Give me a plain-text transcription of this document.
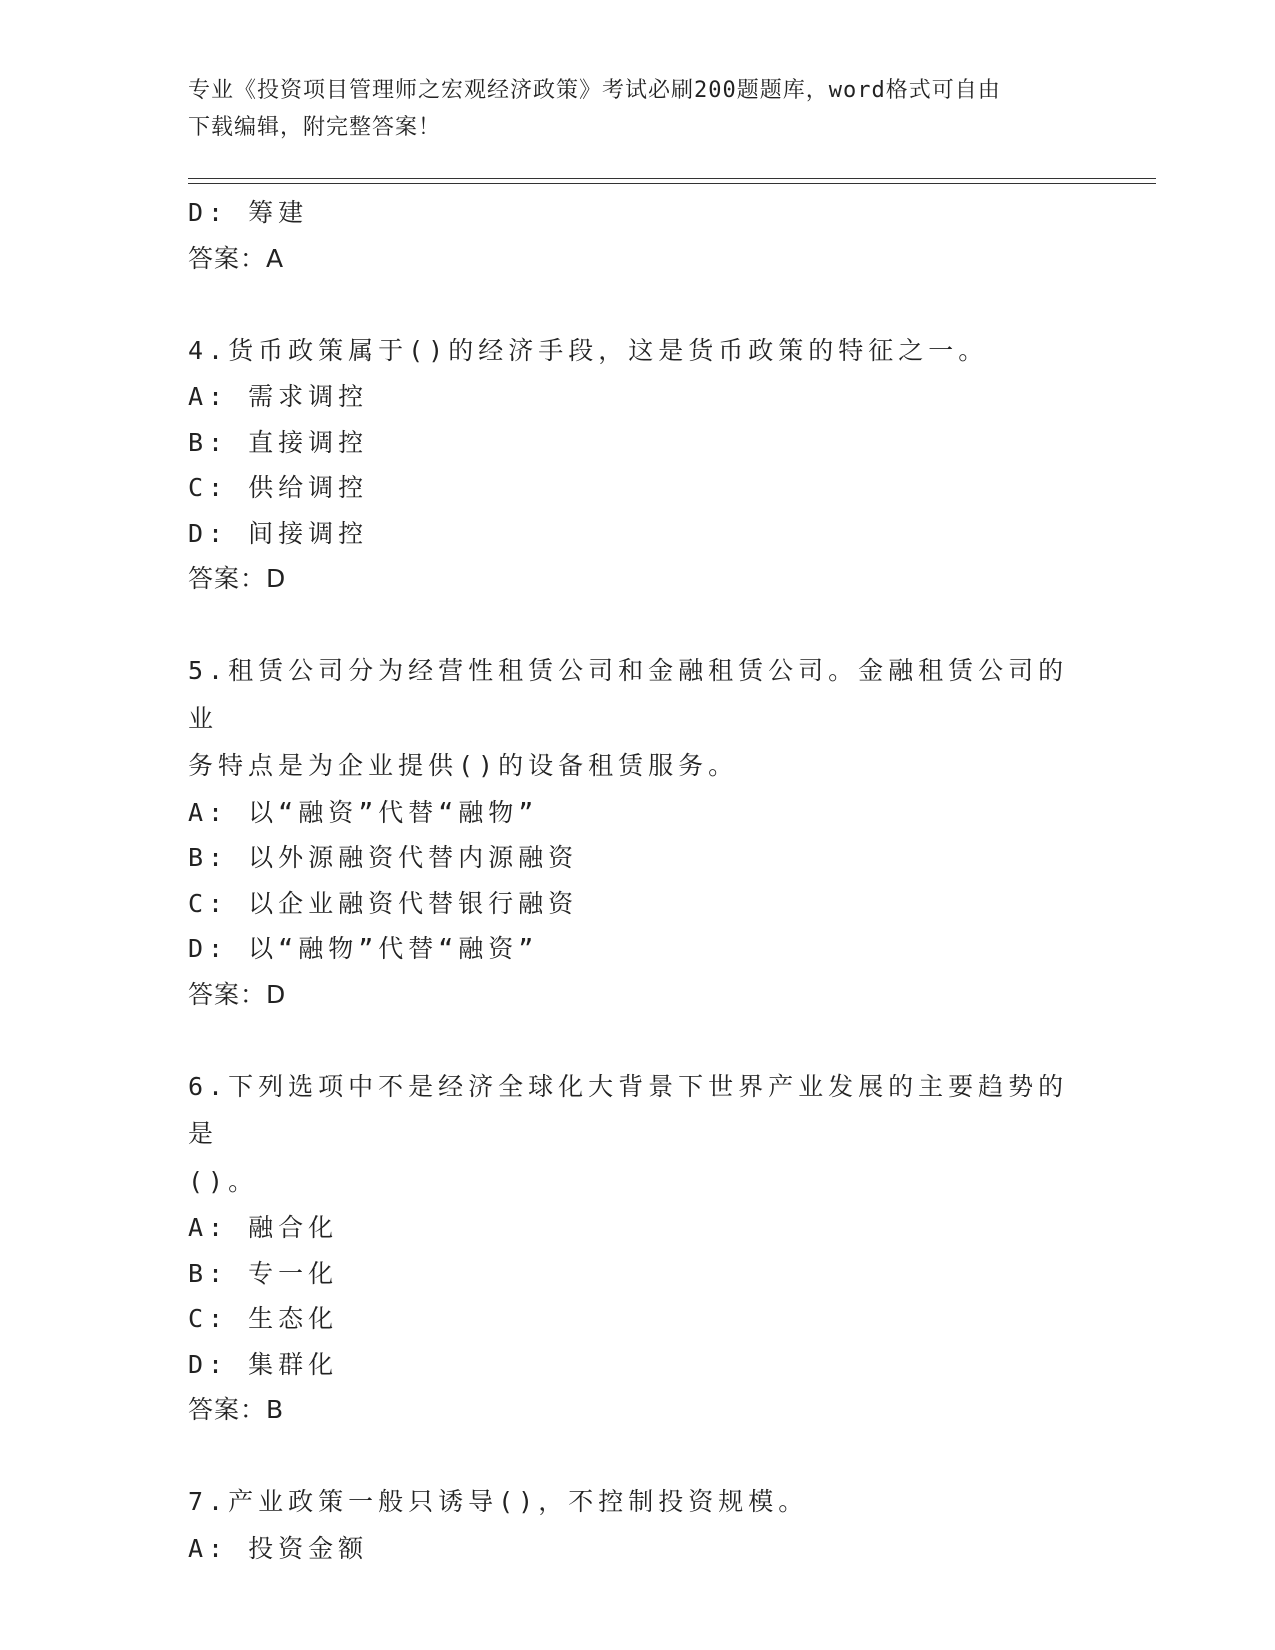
专业《投资项目管理师之宏观经济政策》考试必刷200题题库，word格式可自由
下载编辑，附完整答案！

D: 筹建

答案：A

4.货币政策属于()的经济手段，这是货币政策的特征之一。

A: 需求调控

B: 直接调控

C: 供给调控

D: 间接调控

答案：D

5.租赁公司分为经营性租赁公司和金融租赁公司。金融租赁公司的业

务特点是为企业提供()的设备租赁服务。

A: 以“融资”代替“融物”

B: 以外源融资代替内源融资

C: 以企业融资代替银行融资

D: 以“融物”代替“融资”

答案：D

6.下列选项中不是经济全球化大背景下世界产业发展的主要趋势的是

()。

A: 融合化

B: 专一化

C: 生态化

D: 集群化

答案：B

7.产业政策一般只诱导()，不控制投资规模。

A: 投资金额
